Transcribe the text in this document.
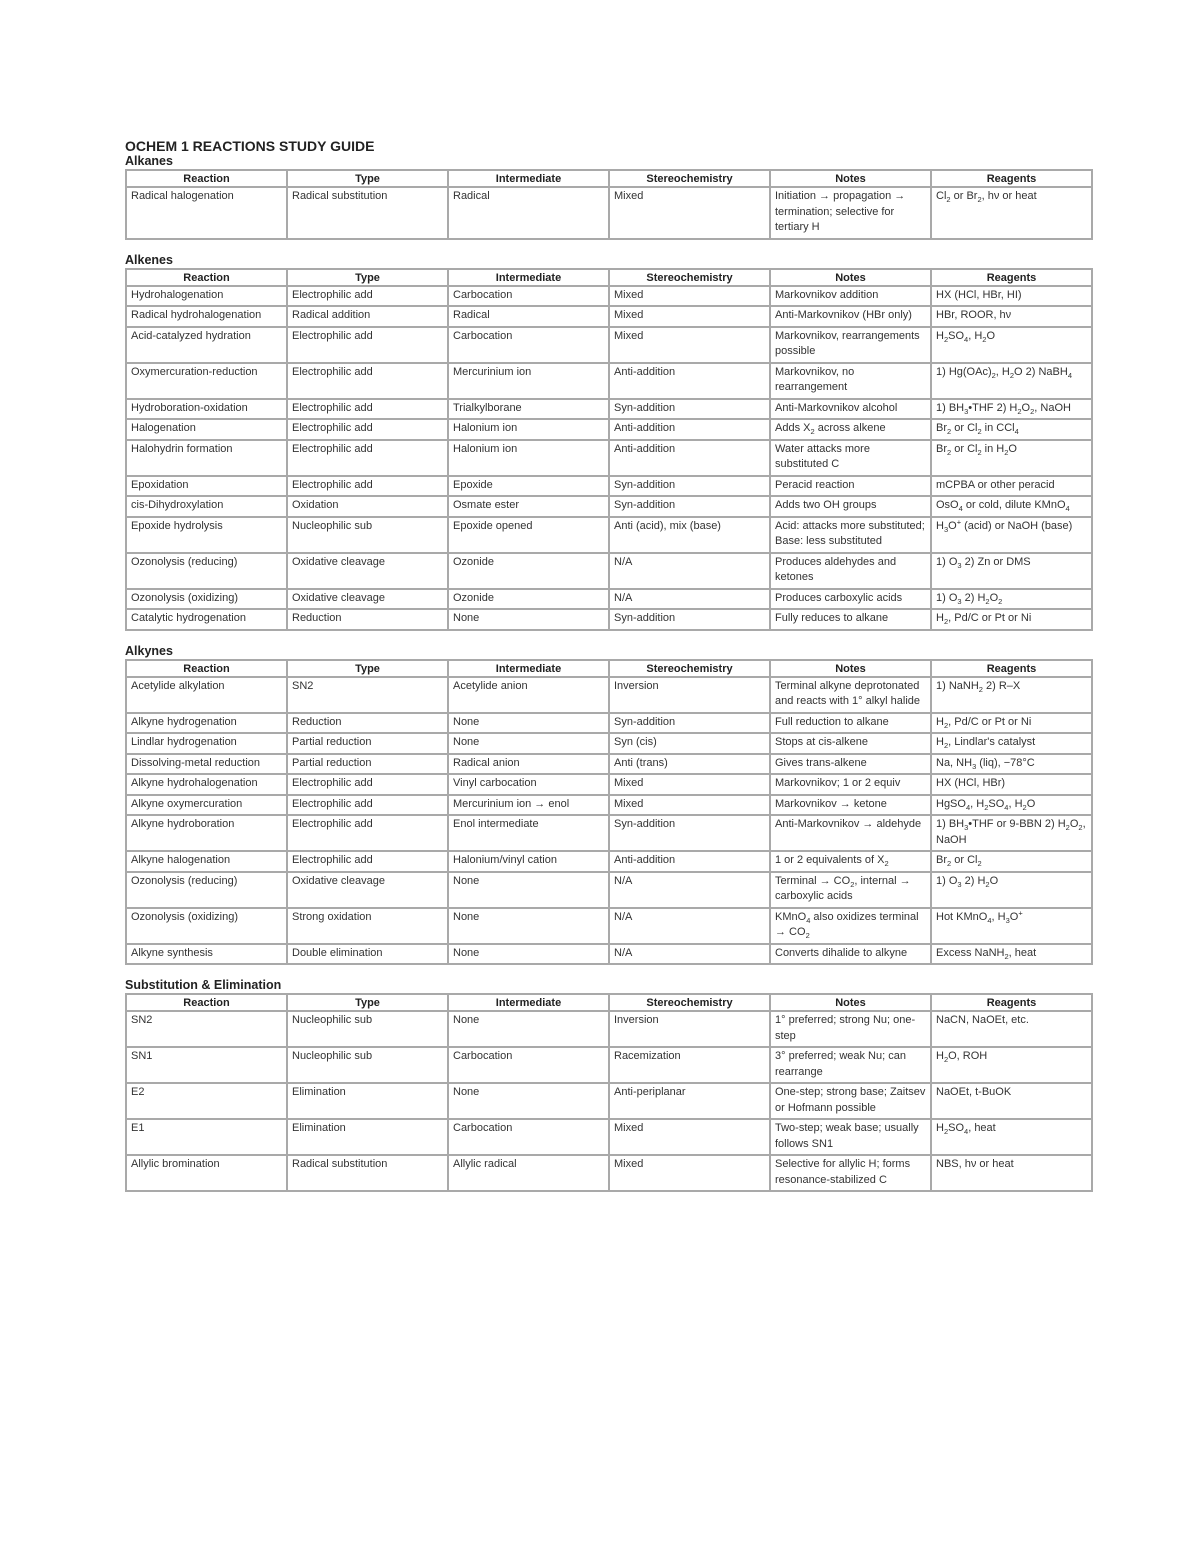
OCHEM 1 REACTIONS STUDY GUIDE
Alkanes
Reaction	Type	Intermediate	Stereochemistry	Notes	Reagents
Radical halogenation	Radical substitution	Radical	Mixed	Initiation → propagation → termination; selective for tertiary H	$Cl_2$ or $Br_2$, hν or heat
Alkenes
Reaction	Type	Intermediate	Stereochemistry	Notes	Reagents
Hydrohalogenation	Electrophilic add	Carbocation	Mixed	Markovnikov addition	HX (HCl, HBr, HI)
Radical hydrohalogenation	Radical addition	Radical	Mixed	Anti-Markovnikov (HBr only)	HBr, ROOR, hν
Acid-catalyzed hydration	Electrophilic add	Carbocation	Mixed	Markovnikov, rearrangements possible	$H_2SO_4$, $H_2O$
Oxymercuration-reduction	Electrophilic add	Mercurinium ion	Anti-addition	Markovnikov, no rearrangement	1) $Hg(OAc)_2$, $H_2O$ 2) NaBH$_4$
Hydroboration-oxidation	Electrophilic add	Trialkylborane	Syn-addition	Anti-Markovnikov alcohol	1) $BH_3•THF$ 2) $H_2O_2$, NaOH
Halogenation	Electrophilic add	Halonium ion	Anti-addition	Adds $X_2$ across alkene	$Br_2$ or $Cl_2$ in CCl$_4$
Halohydrin formation	Electrophilic add	Halonium ion	Anti-addition	Water attacks more substituted C	$Br_2$ or $Cl_2$ in $H_2O$
Epoxidation	Electrophilic add	Epoxide	Syn-addition	Peracid reaction	mCPBA or other peracid
cis-Dihydroxylation	Oxidation	Osmate ester	Syn-addition	Adds two OH groups	OsO$_4$ or cold, dilute KMnO$_4$
Epoxide hydrolysis	Nucleophilic sub	Epoxide opened	Anti (acid), mix (base)	Acid: attacks more substituted; Base: less substituted	$H_3O^+$ (acid) or NaOH (base)
Ozonolysis (reducing)	Oxidative cleavage	Ozonide	N/A	Produces aldehydes and ketones	1) $O_3$ 2) Zn or DMS
Ozonolysis (oxidizing)	Oxidative cleavage	Ozonide	N/A	Produces carboxylic acids	1) $O_3$ 2) $H_2O_2$
Catalytic hydrogenation	Reduction	None	Syn-addition	Fully reduces to alkane	$H_2$, Pd/C or Pt or Ni
Alkynes
Reaction	Type	Intermediate	Stereochemistry	Notes	Reagents
Acetylide alkylation	SN2	Acetylide anion	Inversion	Terminal alkyne deprotonated and reacts with 1° alkyl halide	1) NaNH$_2$ 2) R–X
Alkyne hydrogenation	Reduction	None	Syn-addition	Full reduction to alkane	$H_2$, Pd/C or Pt or Ni
Lindlar hydrogenation	Partial reduction	None	Syn (cis)	Stops at cis-alkene	$H_2$, Lindlar's catalyst
Dissolving-metal reduction	Partial reduction	Radical anion	Anti (trans)	Gives trans-alkene	Na, $NH_3$ (liq), −78°C
Alkyne hydrohalogenation	Electrophilic add	Vinyl carbocation	Mixed	Markovnikov; 1 or 2 equiv	HX (HCl, HBr)
Alkyne oxymercuration	Electrophilic add	Mercurinium ion → enol	Mixed	Markovnikov → ketone	HgSO$_4$, $H_2SO_4$, $H_2O$
Alkyne hydroboration	Electrophilic add	Enol intermediate	Syn-addition	Anti-Markovnikov → aldehyde	1) $BH_3•THF$ or 9-BBN 2) $H_2O_2$, NaOH
Alkyne halogenation	Electrophilic add	Halonium/vinyl cation	Anti-addition	1 or 2 equivalents of $X_2$	$Br_2$ or $Cl_2$
Ozonolysis (reducing)	Oxidative cleavage	None	N/A	Terminal → $CO_2$, internal → carboxylic acids	1) $O_3$ 2) $H_2O$
Ozonolysis (oxidizing)	Strong oxidation	None	N/A	KMnO$_4$ also oxidizes terminal → $CO_2$	Hot KMnO$_4$, $H_3O^+$
Alkyne synthesis	Double elimination	None	N/A	Converts dihalide to alkyne	Excess NaNH$_2$, heat
Substitution & Elimination
Reaction	Type	Intermediate	Stereochemistry	Notes	Reagents
SN2	Nucleophilic sub	None	Inversion	1° preferred; strong Nu; one-step	NaCN, NaOEt, etc.
SN1	Nucleophilic sub	Carbocation	Racemization	3° preferred; weak Nu; can rearrange	$H_2O$, ROH
E2	Elimination	None	Anti-periplanar	One-step; strong base; Zaitsev or Hofmann possible	NaOEt, t-BuOK
E1	Elimination	Carbocation	Mixed	Two-step; weak base; usually follows SN1	$H_2SO_4$, heat
Allylic bromination	Radical substitution	Allylic radical	Mixed	Selective for allylic H; forms resonance-stabilized C	NBS, hν or heat
